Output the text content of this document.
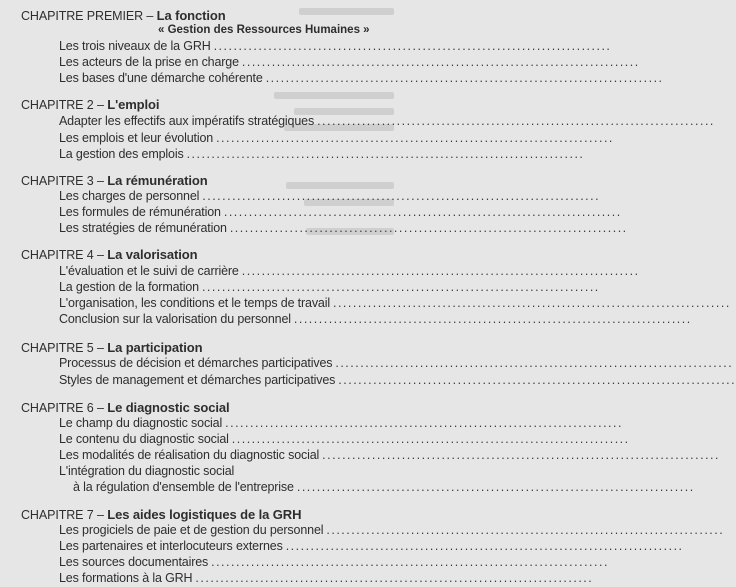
CHAPITRE PREMIER – La fonction
« Gestion des Ressources Humaines »
Les trois niveaux de la GRH ................................................................................
Les acteurs de la prise en charge ................................................................................
Les bases d'une démarche cohérente ................................................................................
CHAPITRE 2 – L'emploi
Adapter les effectifs aux impératifs stratégiques ................................................................................
Les emplois et leur évolution ................................................................................
La gestion des emplois ................................................................................
CHAPITRE 3 – La rémunération
Les charges de personnel ................................................................................
Les formules de rémunération ................................................................................
Les stratégies de rémunération ................................................................................
CHAPITRE 4 – La valorisation
L'évaluation et le suivi de carrière ................................................................................
La gestion de la formation ................................................................................
L'organisation, les conditions et le temps de travail ................................................................................
Conclusion sur la valorisation du personnel ................................................................................
CHAPITRE 5 – La participation
Processus de décision et démarches participatives ................................................................................
Styles de management et démarches participatives ................................................................................
CHAPITRE 6 – Le diagnostic social
Le champ du diagnostic social ................................................................................
Le contenu du diagnostic social ................................................................................
Les modalités de réalisation du diagnostic social ................................................................................
L'intégration du diagnostic social
à la régulation d'ensemble de l'entreprise ................................................................................
CHAPITRE 7 – Les aides logistiques de la GRH
Les progiciels de paie et de gestion du personnel ................................................................................
Les partenaires et interlocuteurs externes ................................................................................
Les sources documentaires ................................................................................
Les formations à la GRH ................................................................................
